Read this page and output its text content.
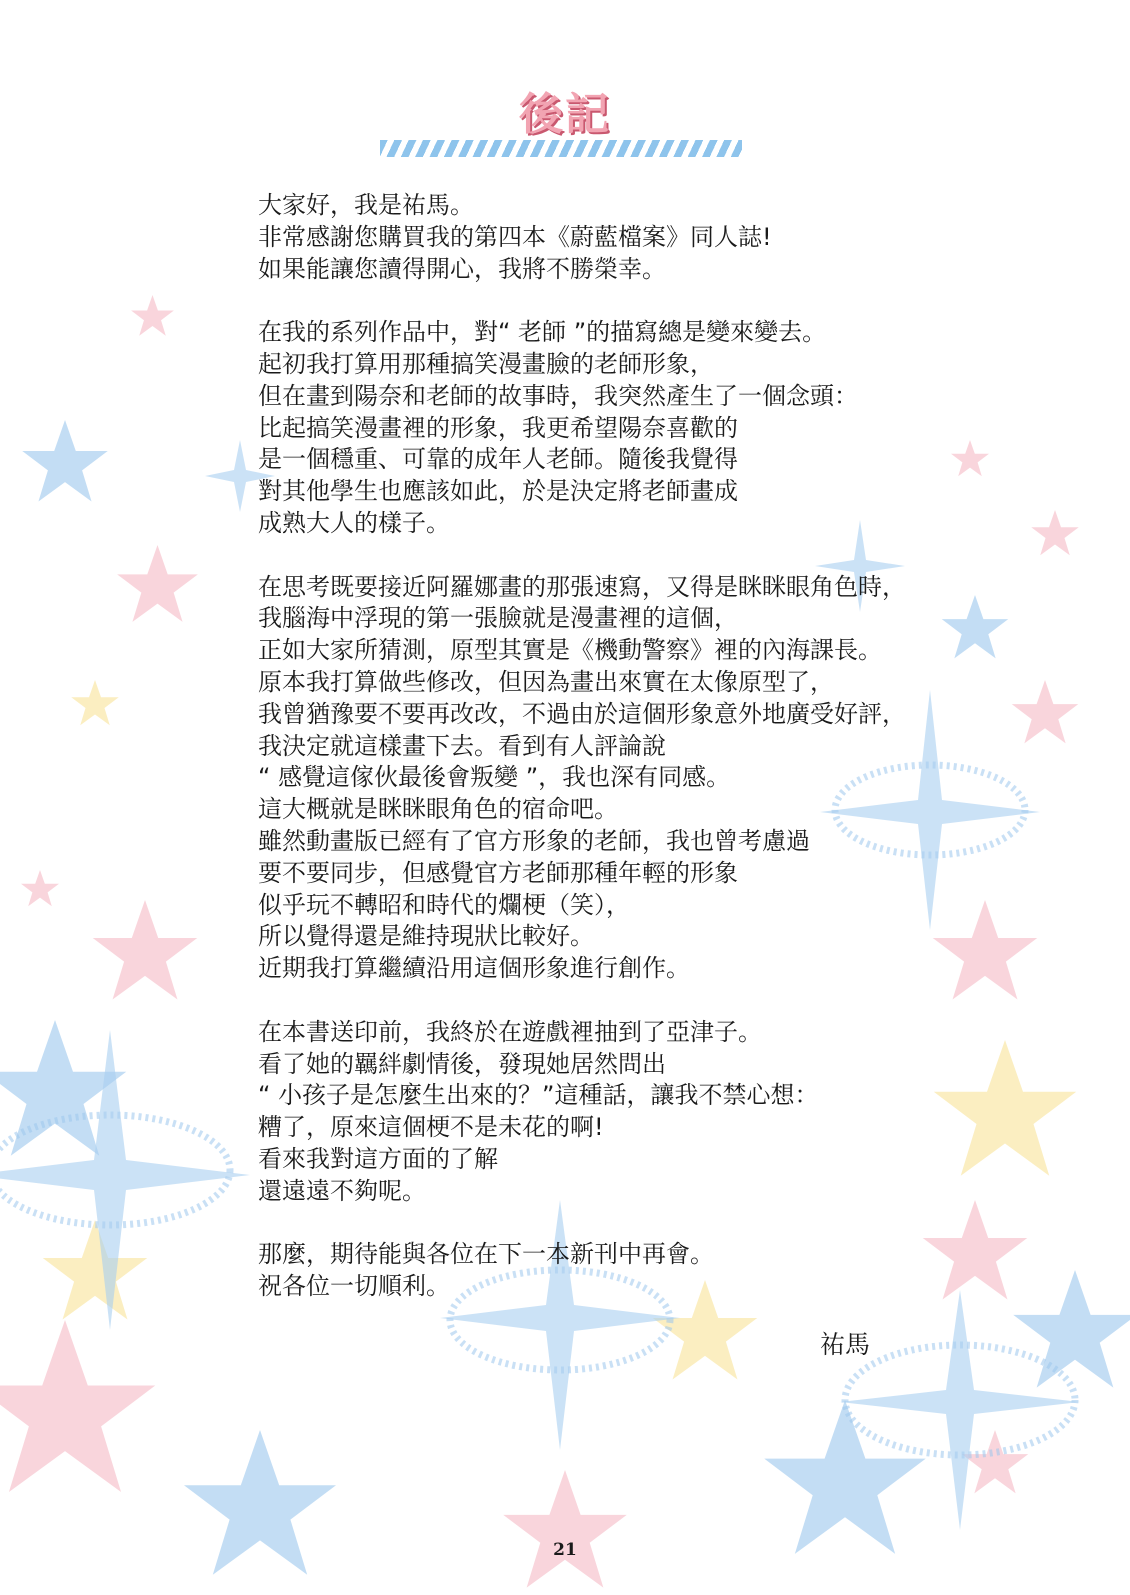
後記

大家好，我是祐馬。
非常感謝您購買我的第四本《蔚藍檔案》同人誌!
如果能讓您讀得開心，我將不勝榮幸。

在我的系列作品中，對“ 老師 ”的描寫總是變來變去。
起初我打算用那種搞笑漫畫臉的老師形象，
但在畫到陽奈和老師的故事時，我突然產生了一個念頭：
比起搞笑漫畫裡的形象，我更希望陽奈喜歡的
是一個穩重、可靠的成年人老師。隨後我覺得
對其他學生也應該如此，於是決定將老師畫成
成熟大人的樣子。

在思考既要接近阿羅娜畫的那張速寫，又得是眯眯眼角色時，
我腦海中浮現的第一張臉就是漫畫裡的這個，
正如大家所猜測，原型其實是《機動警察》裡的內海課長。
原本我打算做些修改，但因為畫出來實在太像原型了，
我曾猶豫要不要再改改，不過由於這個形象意外地廣受好評，
我決定就這樣畫下去。看到有人評論說
“ 感覺這傢伙最後會叛變 ”，我也深有同感。
這大概就是眯眯眼角色的宿命吧。
雖然動畫版已經有了官方形象的老師，我也曾考慮過
要不要同步，但感覺官方老師那種年輕的形象
似乎玩不轉昭和時代的爛梗（笑），
所以覺得還是維持現狀比較好。
近期我打算繼續沿用這個形象進行創作。

在本書送印前，我終於在遊戲裡抽到了亞津子。
看了她的羈絆劇情後，發現她居然問出
“ 小孩子是怎麼生出來的？”這種話，讓我不禁心想：
糟了，原來這個梗不是未花的啊!
看來我對這方面的了解
還遠遠不夠呢。

那麼，期待能與各位在下一本新刊中再會。
祝各位一切順利。

祐馬
21
